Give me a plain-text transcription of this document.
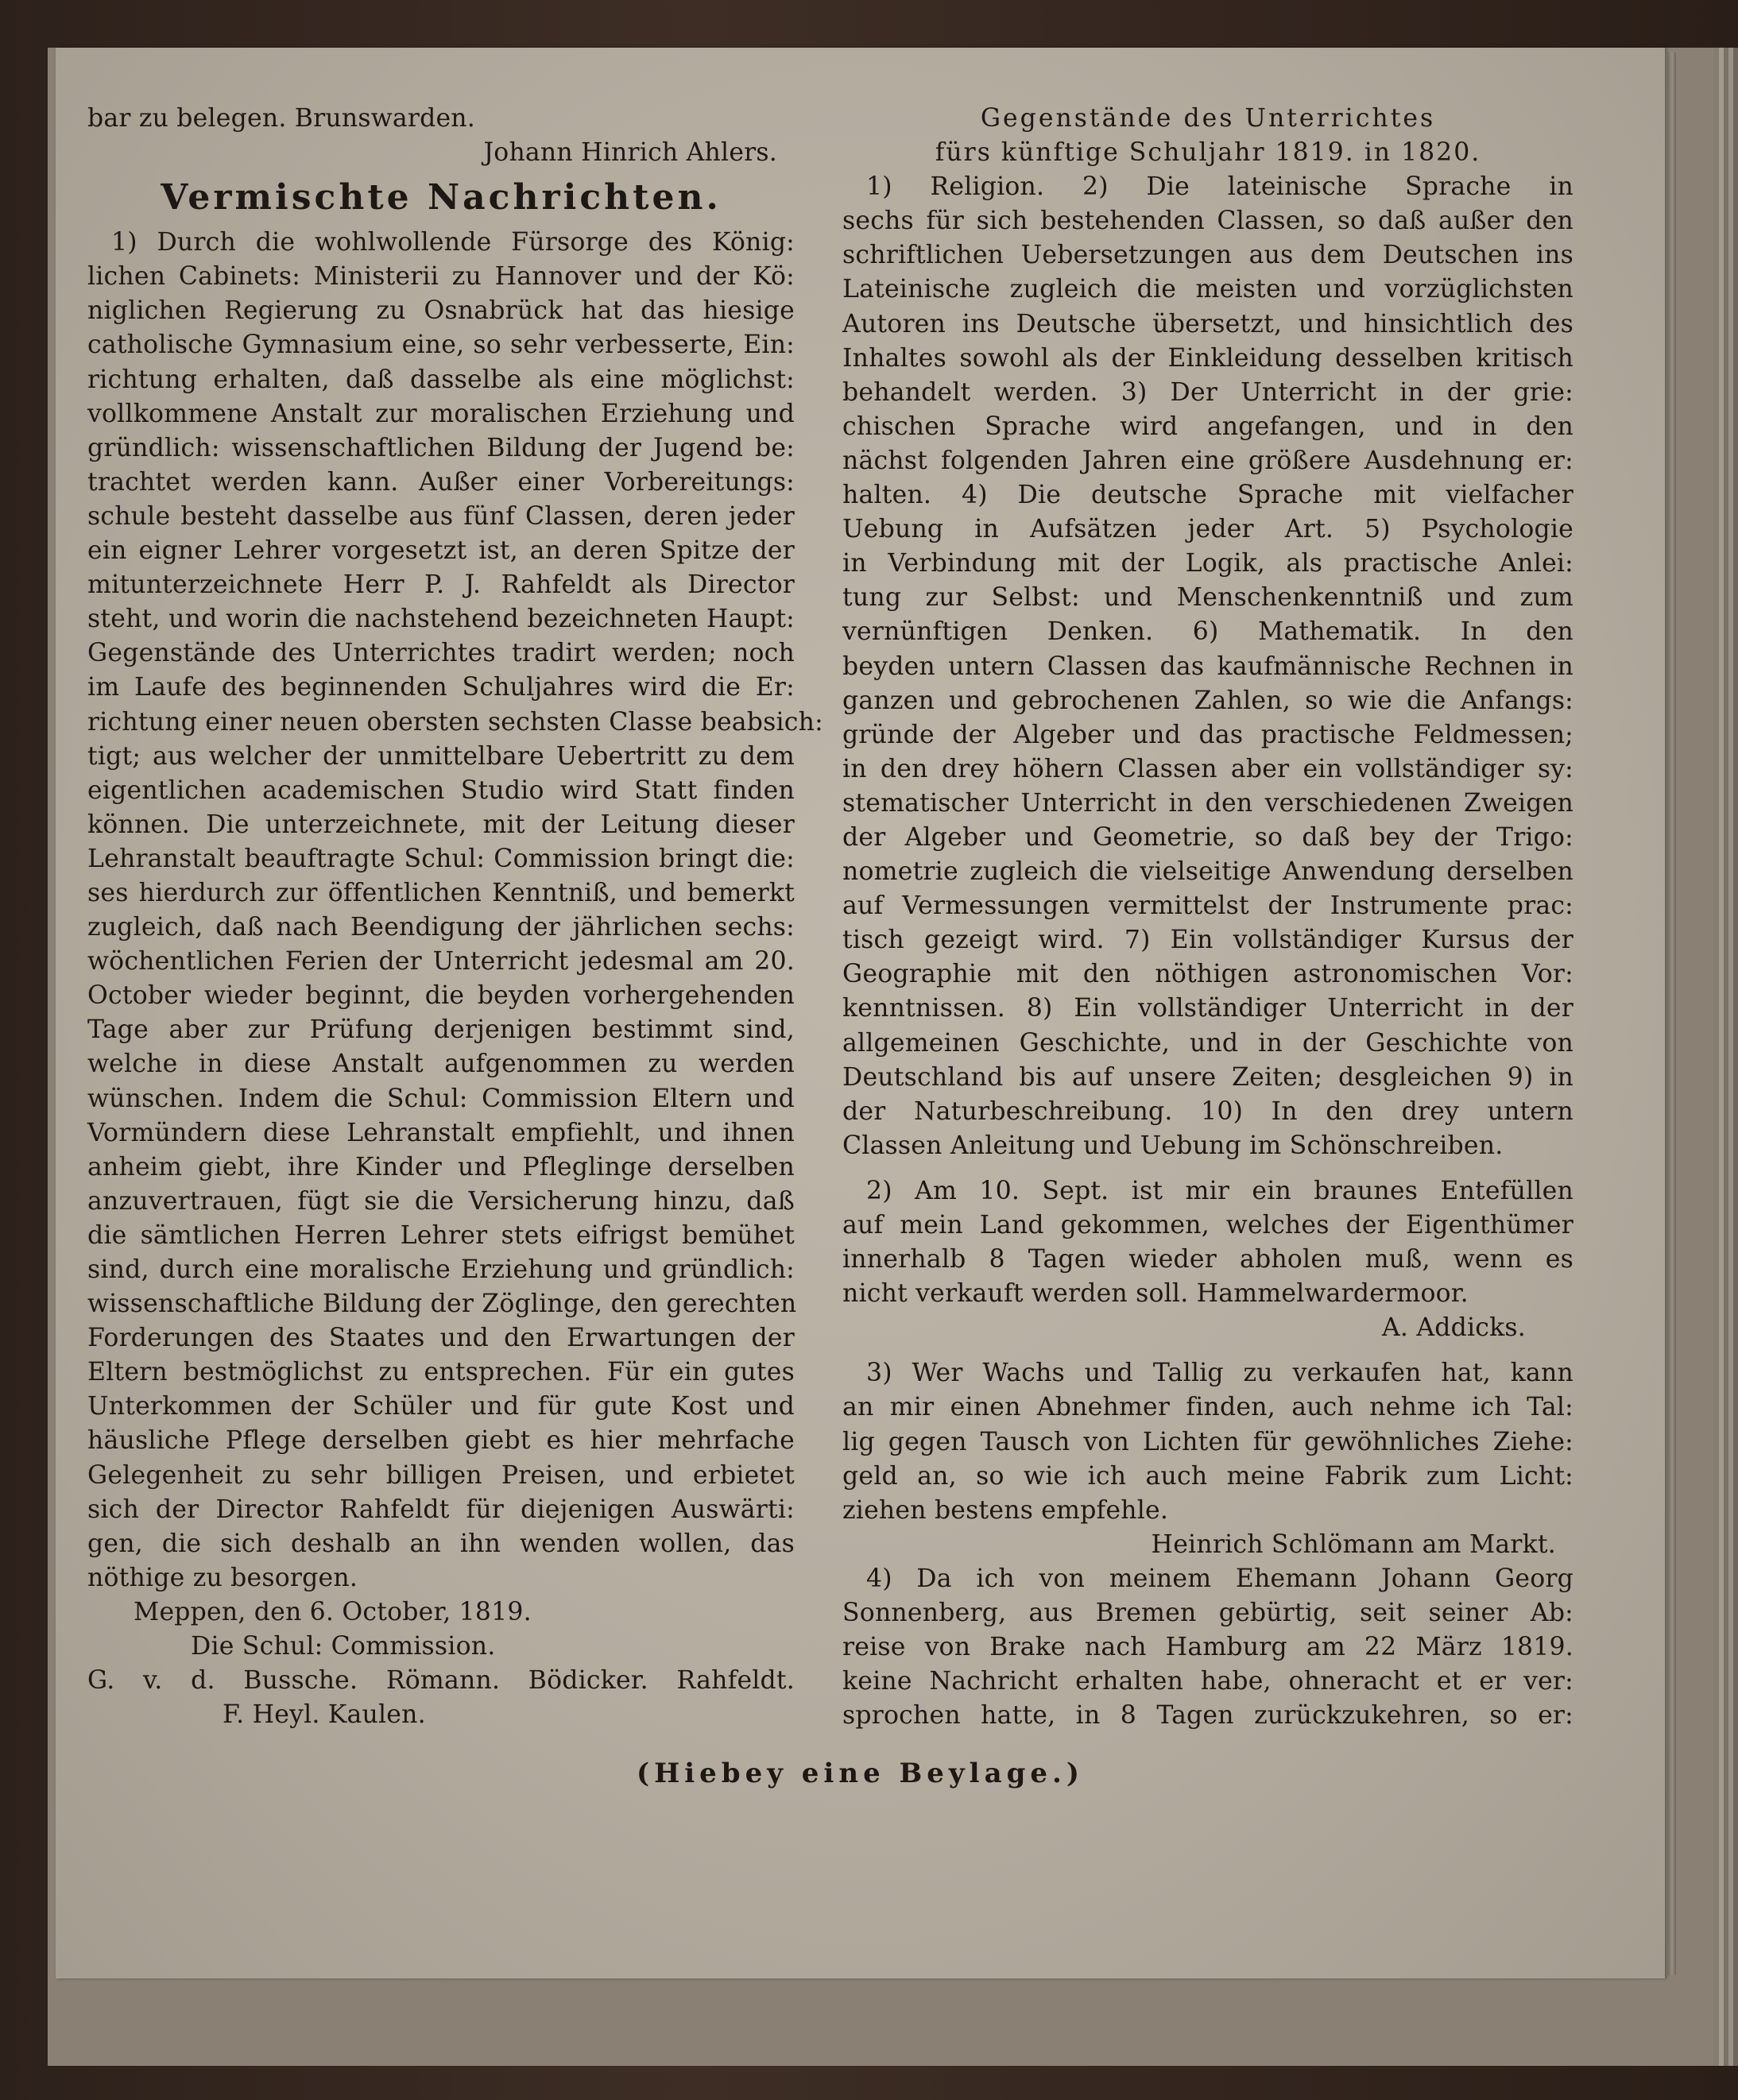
bar zu belegen. Brunswarden.
Johann Hinrich Ahlers.
Vermischte Nachrichten.
1) Durch die wohlwollende Fürsorge des König:
lichen Cabinets: Ministerii zu Hannover und der Kö:
niglichen Regierung zu Osnabrück hat das hiesige
catholische Gymnasium eine, so sehr verbesserte, Ein:
richtung erhalten, daß dasselbe als eine möglichst:
vollkommene Anstalt zur moralischen Erziehung und
gründlich: wissenschaftlichen Bildung der Jugend be:
trachtet werden kann. Außer einer Vorbereitungs:
schule besteht dasselbe aus fünf Classen, deren jeder
ein eigner Lehrer vorgesetzt ist, an deren Spitze der
mitunterzeichnete Herr P. J. Rahfeldt als Director
steht, und worin die nachstehend bezeichneten Haupt:
Gegenstände des Unterrichtes tradirt werden; noch
im Laufe des beginnenden Schuljahres wird die Er:
richtung einer neuen obersten sechsten Classe beabsich:
tigt; aus welcher der unmittelbare Uebertritt zu dem
eigentlichen academischen Studio wird Statt finden
können. Die unterzeichnete, mit der Leitung dieser
Lehranstalt beauftragte Schul: Commission bringt die:
ses hierdurch zur öffentlichen Kenntniß, und bemerkt
zugleich, daß nach Beendigung der jährlichen sechs:
wöchentlichen Ferien der Unterricht jedesmal am 20.
October wieder beginnt, die beyden vorhergehenden
Tage aber zur Prüfung derjenigen bestimmt sind,
welche in diese Anstalt aufgenommen zu werden
wünschen. Indem die Schul: Commission Eltern und
Vormündern diese Lehranstalt empfiehlt, und ihnen
anheim giebt, ihre Kinder und Pfleglinge derselben
anzuvertrauen, fügt sie die Versicherung hinzu, daß
die sämtlichen Herren Lehrer stets eifrigst bemühet
sind, durch eine moralische Erziehung und gründlich:
wissenschaftliche Bildung der Zöglinge, den gerechten
Forderungen des Staates und den Erwartungen der
Eltern bestmöglichst zu entsprechen. Für ein gutes
Unterkommen der Schüler und für gute Kost und
häusliche Pflege derselben giebt es hier mehrfache
Gelegenheit zu sehr billigen Preisen, und erbietet
sich der Director Rahfeldt für diejenigen Auswärti:
gen, die sich deshalb an ihn wenden wollen, das
nöthige zu besorgen.
Meppen, den 6. October, 1819.
Die Schul: Commission.
G. v. d. Bussche. Römann. Bödicker. Rahfeldt.
F. Heyl. Kaulen.
Gegenstände des Unterrichtes
fürs künftige Schuljahr 1819. in 1820.
1) Religion. 2) Die lateinische Sprache in
sechs für sich bestehenden Classen, so daß außer den
schriftlichen Uebersetzungen aus dem Deutschen ins
Lateinische zugleich die meisten und vorzüglichsten
Autoren ins Deutsche übersetzt, und hinsichtlich des
Inhaltes sowohl als der Einkleidung desselben kritisch
behandelt werden. 3) Der Unterricht in der grie:
chischen Sprache wird angefangen, und in den
nächst folgenden Jahren eine größere Ausdehnung er:
halten. 4) Die deutsche Sprache mit vielfacher
Uebung in Aufsätzen jeder Art. 5) Psychologie
in Verbindung mit der Logik, als practische Anlei:
tung zur Selbst: und Menschenkenntniß und zum
vernünftigen Denken. 6) Mathematik. In den
beyden untern Classen das kaufmännische Rechnen in
ganzen und gebrochenen Zahlen, so wie die Anfangs:
gründe der Algeber und das practische Feldmessen;
in den drey höhern Classen aber ein vollständiger sy:
stematischer Unterricht in den verschiedenen Zweigen
der Algeber und Geometrie, so daß bey der Trigo:
nometrie zugleich die vielseitige Anwendung derselben
auf Vermessungen vermittelst der Instrumente prac:
tisch gezeigt wird. 7) Ein vollständiger Kursus der
Geographie mit den nöthigen astronomischen Vor:
kenntnissen. 8) Ein vollständiger Unterricht in der
allgemeinen Geschichte, und in der Geschichte von
Deutschland bis auf unsere Zeiten; desgleichen 9) in
der Naturbeschreibung. 10) In den drey untern
Classen Anleitung und Uebung im Schönschreiben.
2) Am 10. Sept. ist mir ein braunes Entefüllen
auf mein Land gekommen, welches der Eigenthümer
innerhalb 8 Tagen wieder abholen muß, wenn es
nicht verkauft werden soll. Hammelwardermoor.
A. Addicks.
3) Wer Wachs und Tallig zu verkaufen hat, kann
an mir einen Abnehmer finden, auch nehme ich Tal:
lig gegen Tausch von Lichten für gewöhnliches Ziehe:
geld an, so wie ich auch meine Fabrik zum Licht:
ziehen bestens empfehle.
Heinrich Schlömann am Markt.
4) Da ich von meinem Ehemann Johann Georg
Sonnenberg, aus Bremen gebürtig, seit seiner Ab:
reise von Brake nach Hamburg am 22 März 1819.
keine Nachricht erhalten habe, ohneracht et er ver:
sprochen hatte, in 8 Tagen zurückzukehren, so er:
(Hiebey eine Beylage.)
